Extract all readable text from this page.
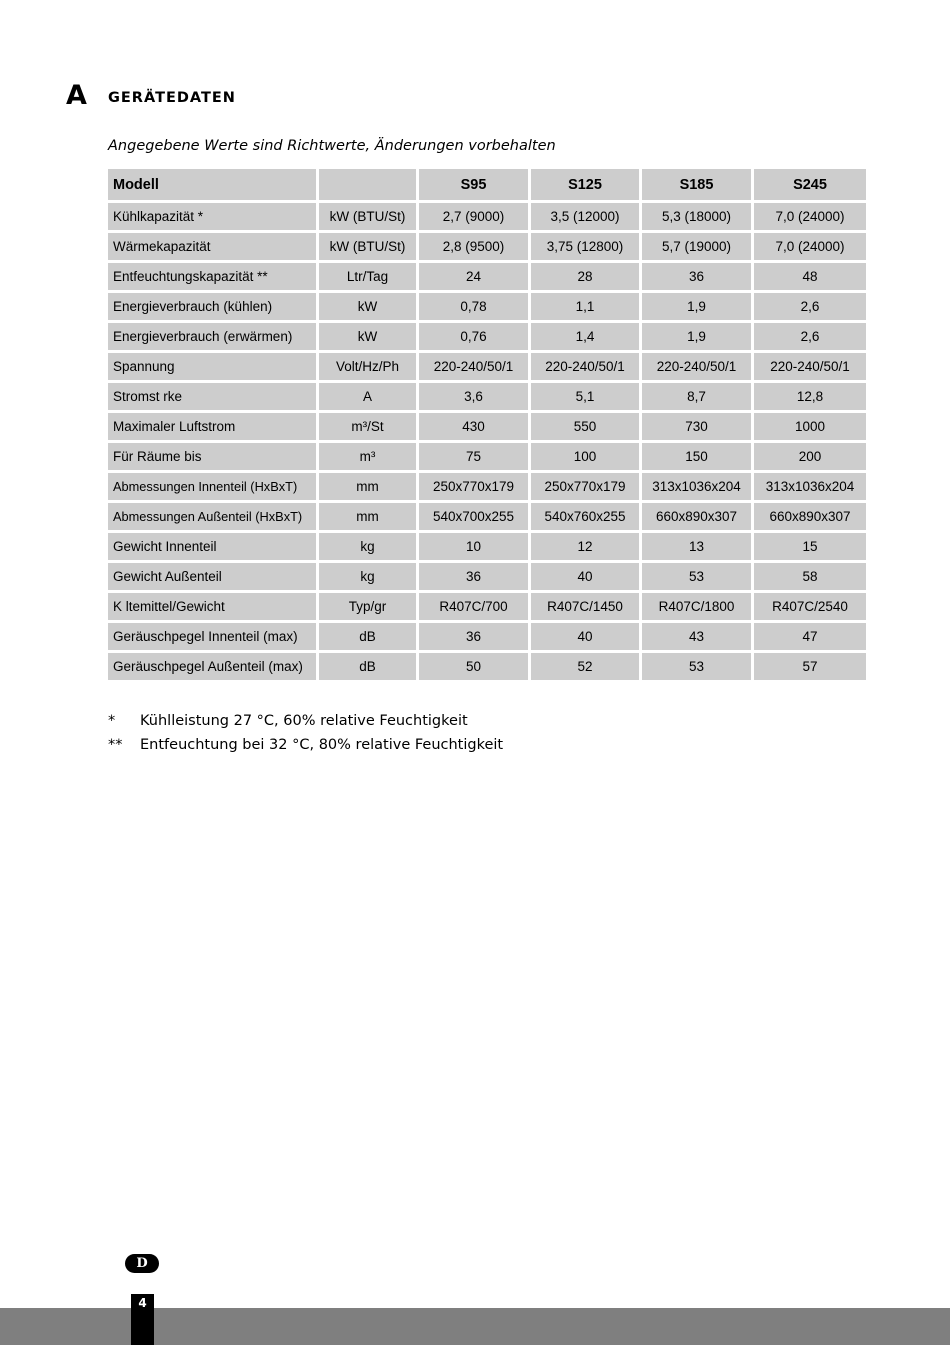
A GERÄTEDATEN
Angegebene Werte sind Richtwerte, Änderungen vorbehalten
Modell		S95	S125	S185	S245
Kühlkapazität *	kW (BTU/St)	2,7 (9000)	3,5 (12000)	5,3 (18000)	7,0 (24000)
Wärmekapazität	kW (BTU/St)	2,8 (9500)	3,75 (12800)	5,7 (19000)	7,0 (24000)
Entfeuchtungskapazität **	Ltr/Tag	24	28	36	48
Energieverbrauch (kühlen)	kW	0,78	1,1	1,9	2,6
Energieverbrauch (erwärmen)	kW	0,76	1,4	1,9	2,6
Spannung	Volt/Hz/Ph	220-240/50/1	220-240/50/1	220-240/50/1	220-240/50/1
Stromst rke	A	3,6	5,1	8,7	12,8
Maximaler Luftstrom	m³/St	430	550	730	1000
Für Räume bis	m³	75	100	150	200
Abmessungen Innenteil (HxBxT)	mm	250x770x179	250x770x179	313x1036x204	313x1036x204
Abmessungen Außenteil (HxBxT)	mm	540x700x255	540x760x255	660x890x307	660x890x307
Gewicht Innenteil	kg	10	12	13	15
Gewicht Außenteil	kg	36	40	53	58
K ltemittel/Gewicht	Typ/gr	R407C/700	R407C/1450	R407C/1800	R407C/2540
Geräuschpegel Innenteil (max)	dB	36	40	43	47
Geräuschpegel Außenteil (max)	dB	50	52	53	57
* Kühlleistung 27 °C, 60% relative Feuchtigkeit
** Entfeuchtung bei 32 °C, 80% relative Feuchtigkeit
D
4
